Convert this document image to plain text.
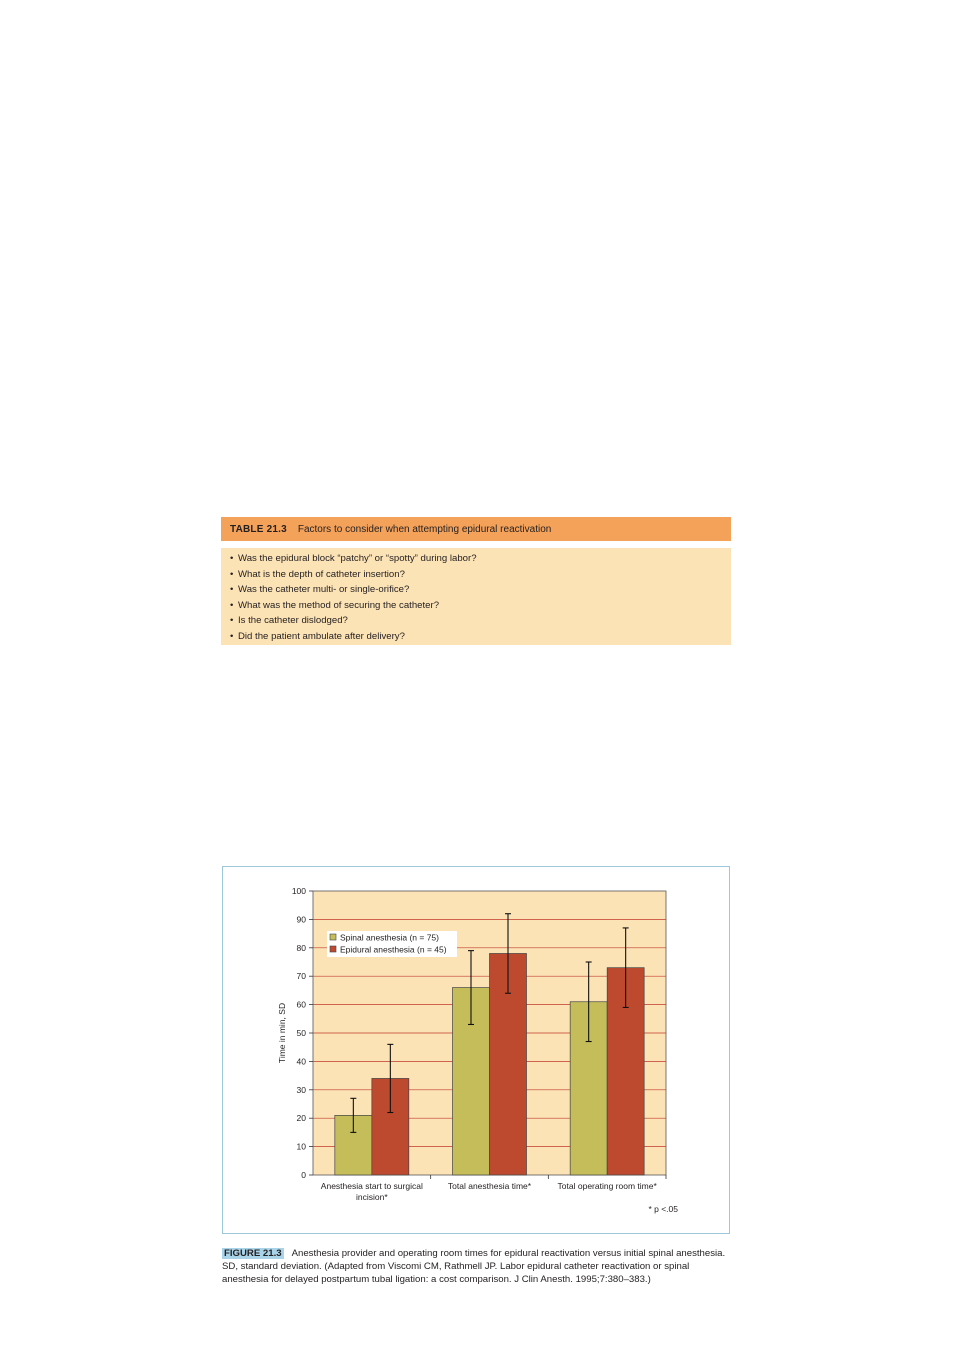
TABLE 21.3 Factors to consider when attempting epidural reactivation
• Was the epidural block “patchy” or “spotty” during labor?
• What is the depth of catheter insertion?
• Was the catheter multi- or single-orifice?
• What was the method of securing the catheter?
• Is the catheter dislodged?
• Did the patient ambulate after delivery?
0
10
20
30
40
50
60
70
80
90
100
Time in min, SD
Anesthesia start to surgical
incision*
Total anesthesia time*	Total operating room time*
Spinal anesthesia (n = 75)
Epidural anesthesia (n = 45)
* p <.05
FIGURE 21.3 Anesthesia provider and operating room times for epidural reactivation versus initial spinal anesthesia. SD, standard deviation. (Adapted from Viscomi CM, Rathmell JP. Labor epidural catheter reactivation or spinal anesthesia for delayed postpartum tubal ligation: a cost comparison. J Clin Anesth. 1995;7:380–383.)
